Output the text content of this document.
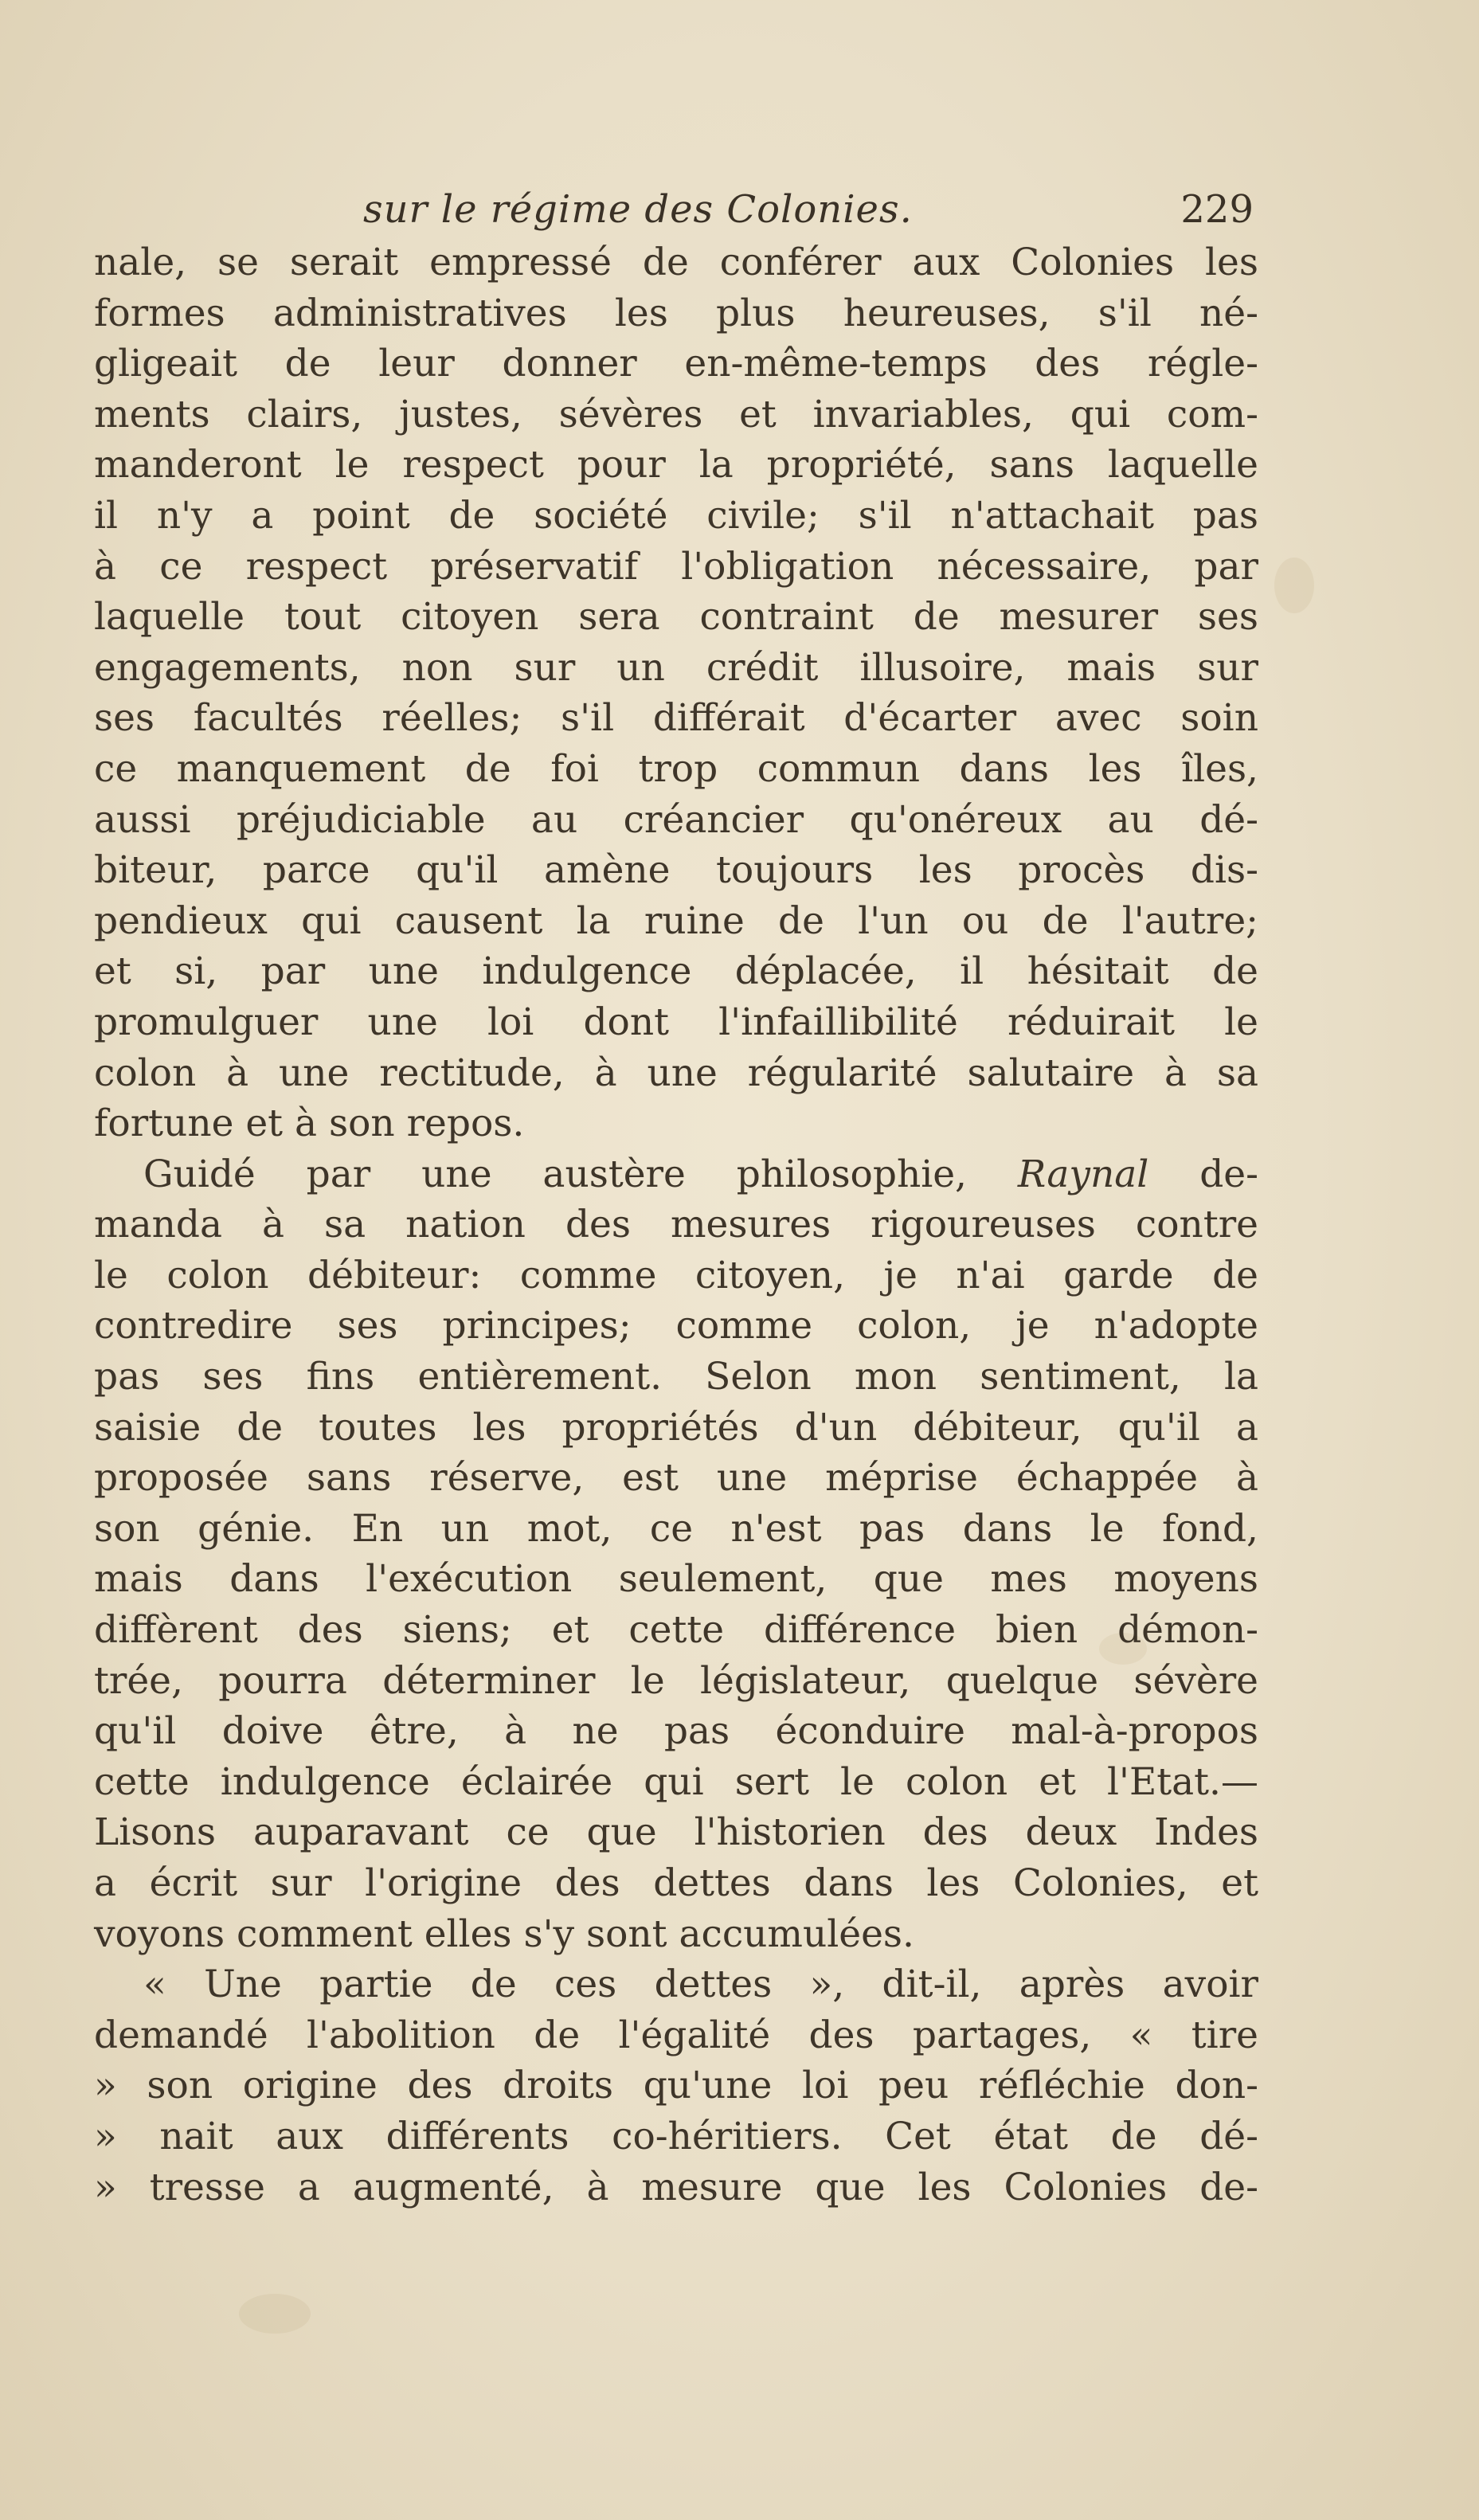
sur le régime des Colonies.	229
nale, se serait empressé de conférer aux Colonies les
formes administratives les plus heureuses, s'il né-
gligeait de leur donner en-même-temps des régle-
ments clairs, justes, sévères et invariables, qui com-
manderont le respect pour la propriété, sans laquelle
il n'y a point de société civile; s'il n'attachait pas
à ce respect préservatif l'obligation nécessaire, par
laquelle tout citoyen sera contraint de mesurer ses
engagements, non sur un crédit illusoire, mais sur
ses facultés réelles; s'il différait d'écarter avec soin
ce manquement de foi trop commun dans les îles,
aussi préjudiciable au créancier qu'onéreux au dé-
biteur, parce qu'il amène toujours les procès dis-
pendieux qui causent la ruine de l'un ou de l'autre;
et si, par une indulgence déplacée, il hésitait de
promulguer une loi dont l'infaillibilité réduirait le
colon à une rectitude, à une régularité salutaire à sa
fortune et à son repos.
Guidé par une austère philosophie, Raynal de-
manda à sa nation des mesures rigoureuses contre
le colon débiteur: comme citoyen, je n'ai garde de
contredire ses principes; comme colon, je n'adopte
pas ses fins entièrement. Selon mon sentiment, la
saisie de toutes les propriétés d'un débiteur, qu'il a
proposée sans réserve, est une méprise échappée à
son génie. En un mot, ce n'est pas dans le fond,
mais dans l'exécution seulement, que mes moyens
diffèrent des siens; et cette différence bien démon-
trée, pourra déterminer le législateur, quelque sévère
qu'il doive être, à ne pas éconduire mal-à-propos
cette indulgence éclairée qui sert le colon et l'Etat.—
Lisons auparavant ce que l'historien des deux Indes
a écrit sur l'origine des dettes dans les Colonies, et
voyons comment elles s'y sont accumulées.
« Une partie de ces dettes », dit-il, après avoir
demandé l'abolition de l'égalité des partages, « tire
» son origine des droits qu'une loi peu réfléchie don-
» nait aux différents co-héritiers. Cet état de dé-
» tresse a augmenté, à mesure que les Colonies de-
